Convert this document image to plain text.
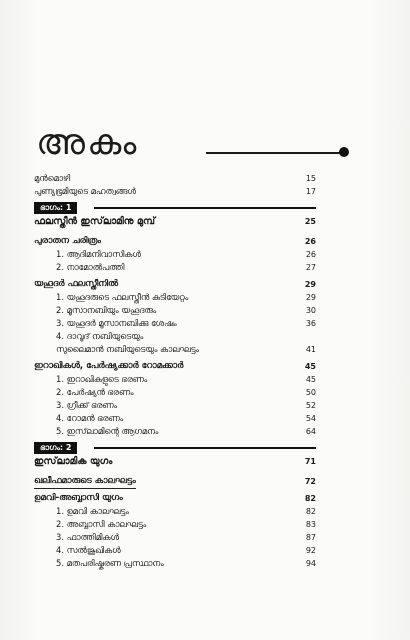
അകം
മുൻമൊഴി	15
പുണ്യഭൂമിയുടെ മഹത്വങ്ങൾ	17
ഭാഗം: 1
ഫലസ്തീൻ ഇസ്‌ലാമിനു മുമ്പ്	25
പുരാതന ചരിത്രം	26
1. ആദിമനിവാസികൾ	26
2. നാമോൽപത്തി	27
യഹൂദർ ഫലസ്തീനിൽ	29
1. യഹൂദരുടെ ഫലസ്തീൻ കുടിയേറ്റം	29
2. മൂസാനബിയും യഹൂദരും	30
3. യഹൂദർ മൂസാനബിക്കു ശേഷം	36
4. ദാവൂദ് നബിയുടെയും
സുലൈമാൻ നബിയുടെയും കാലഘട്ടം	41
ഇറാഖികൾ, പേർഷ്യക്കാർ റോമക്കാർ	45
1. ഇറാഖികളുടെ ഭരണം	45
2. പേർഷ്യൻ ഭരണം	50
3. ഗ്രീക്ക് ഭരണം	52
4. റോമൻ ഭരണം	54
5. ഇസ്‌ലാമിന്റെ ആഗമനം	64
ഭാഗം: 2
ഇസ്‌ലാമിക യുഗം	71
ഖലീഫമാരുടെ കാലഘട്ടം	72
ഉമവി-അബ്ബാസി യുഗം	82
1. ഉമവി കാലഘട്ടം	82
2. അബ്ബാസി കാലഘട്ടം	83
3. ഫാത്തിമികൾ	87
4. സൽജൂഖികൾ	92
5. മതപരിഷ്കരണ പ്രസ്ഥാനം	94
